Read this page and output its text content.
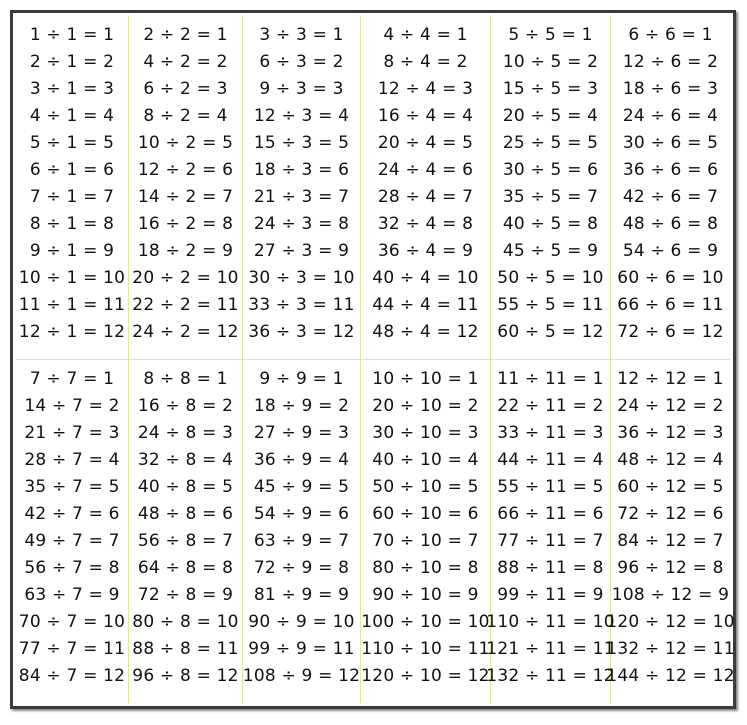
1 ÷ 1 = 1
2 ÷ 1 = 2
3 ÷ 1 = 3
4 ÷ 1 = 4
5 ÷ 1 = 5
6 ÷ 1 = 6
7 ÷ 1 = 7
8 ÷ 1 = 8
9 ÷ 1 = 9
10 ÷ 1 = 10
11 ÷ 1 = 11
12 ÷ 1 = 12
2 ÷ 2 = 1
4 ÷ 2 = 2
6 ÷ 2 = 3
8 ÷ 2 = 4
10 ÷ 2 = 5
12 ÷ 2 = 6
14 ÷ 2 = 7
16 ÷ 2 = 8
18 ÷ 2 = 9
20 ÷ 2 = 10
22 ÷ 2 = 11
24 ÷ 2 = 12
3 ÷ 3 = 1
6 ÷ 3 = 2
9 ÷ 3 = 3
12 ÷ 3 = 4
15 ÷ 3 = 5
18 ÷ 3 = 6
21 ÷ 3 = 7
24 ÷ 3 = 8
27 ÷ 3 = 9
30 ÷ 3 = 10
33 ÷ 3 = 11
36 ÷ 3 = 12
4 ÷ 4 = 1
8 ÷ 4 = 2
12 ÷ 4 = 3
16 ÷ 4 = 4
20 ÷ 4 = 5
24 ÷ 4 = 6
28 ÷ 4 = 7
32 ÷ 4 = 8
36 ÷ 4 = 9
40 ÷ 4 = 10
44 ÷ 4 = 11
48 ÷ 4 = 12
5 ÷ 5 = 1
10 ÷ 5 = 2
15 ÷ 5 = 3
20 ÷ 5 = 4
25 ÷ 5 = 5
30 ÷ 5 = 6
35 ÷ 5 = 7
40 ÷ 5 = 8
45 ÷ 5 = 9
50 ÷ 5 = 10
55 ÷ 5 = 11
60 ÷ 5 = 12
6 ÷ 6 = 1
12 ÷ 6 = 2
18 ÷ 6 = 3
24 ÷ 6 = 4
30 ÷ 6 = 5
36 ÷ 6 = 6
42 ÷ 6 = 7
48 ÷ 6 = 8
54 ÷ 6 = 9
60 ÷ 6 = 10
66 ÷ 6 = 11
72 ÷ 6 = 12
7 ÷ 7 = 1
14 ÷ 7 = 2
21 ÷ 7 = 3
28 ÷ 7 = 4
35 ÷ 7 = 5
42 ÷ 7 = 6
49 ÷ 7 = 7
56 ÷ 7 = 8
63 ÷ 7 = 9
70 ÷ 7 = 10
77 ÷ 7 = 11
84 ÷ 7 = 12
8 ÷ 8 = 1
16 ÷ 8 = 2
24 ÷ 8 = 3
32 ÷ 8 = 4
40 ÷ 8 = 5
48 ÷ 8 = 6
56 ÷ 8 = 7
64 ÷ 8 = 8
72 ÷ 8 = 9
80 ÷ 8 = 10
88 ÷ 8 = 11
96 ÷ 8 = 12
9 ÷ 9 = 1
18 ÷ 9 = 2
27 ÷ 9 = 3
36 ÷ 9 = 4
45 ÷ 9 = 5
54 ÷ 9 = 6
63 ÷ 9 = 7
72 ÷ 9 = 8
81 ÷ 9 = 9
90 ÷ 9 = 10
99 ÷ 9 = 11
108 ÷ 9 = 12
10 ÷ 10 = 1
20 ÷ 10 = 2
30 ÷ 10 = 3
40 ÷ 10 = 4
50 ÷ 10 = 5
60 ÷ 10 = 6
70 ÷ 10 = 7
80 ÷ 10 = 8
90 ÷ 10 = 9
100 ÷ 10 = 10
110 ÷ 10 = 11
120 ÷ 10 = 12
11 ÷ 11 = 1
22 ÷ 11 = 2
33 ÷ 11 = 3
44 ÷ 11 = 4
55 ÷ 11 = 5
66 ÷ 11 = 6
77 ÷ 11 = 7
88 ÷ 11 = 8
99 ÷ 11 = 9
110 ÷ 11 = 10
121 ÷ 11 = 11
132 ÷ 11 = 12
12 ÷ 12 = 1
24 ÷ 12 = 2
36 ÷ 12 = 3
48 ÷ 12 = 4
60 ÷ 12 = 5
72 ÷ 12 = 6
84 ÷ 12 = 7
96 ÷ 12 = 8
108 ÷ 12 = 9
120 ÷ 12 = 10
132 ÷ 12 = 11
144 ÷ 12 = 12
